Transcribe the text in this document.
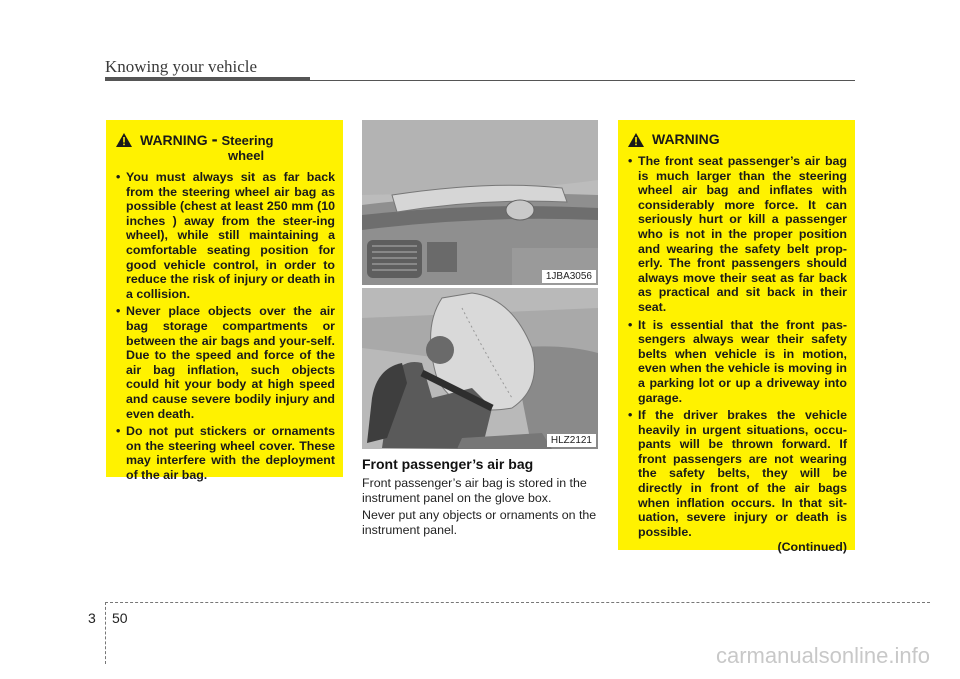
Knowing your vehicle
WARNING - Steering
wheel
• You must always sit as far back from the steering wheel air bag as possible (chest at least 250 mm (10 inches ) away from the steer-ing wheel), while still maintaining a comfortable seating position for good vehicle control, in order to reduce the risk of injury or death in a collision.
• Never place objects over the air bag storage compartments or between the air bags and your-self. Due to the speed and force of the air bag inflation, such objects could hit your body at high speed and cause severe bodily injury and even death.
• Do not put stickers or ornaments on the steering wheel cover. These may interfere with the deployment of the air bag.
1JBA3056
HLZ2121
Front passenger’s air bag
Front passenger’s air bag is stored in the instrument panel on the glove box.
Never put any objects or ornaments on the instrument panel.
WARNING
• The front seat passenger’s air bag is much larger than the steering wheel air bag and inflates with considerably more force. It can seriously hurt or kill a passenger who is not in the proper position and wearing the safety belt prop-erly. The front passengers should always move their seat as far back as practical and sit back in their seat.
• It is essential that the front pas-sengers always wear their safety belts when vehicle is in motion, even when the vehicle is moving in a parking lot or up a driveway into garage.
• If the driver brakes the vehicle heavily in urgent situations, occu-pants will be thrown forward. If front passengers are not wearing the safety belts, they will be directly in front of the air bags when inflation occurs. In that sit-uation, severe injury or death is possible.
(Continued)
3 50
carmanualsonline.info
